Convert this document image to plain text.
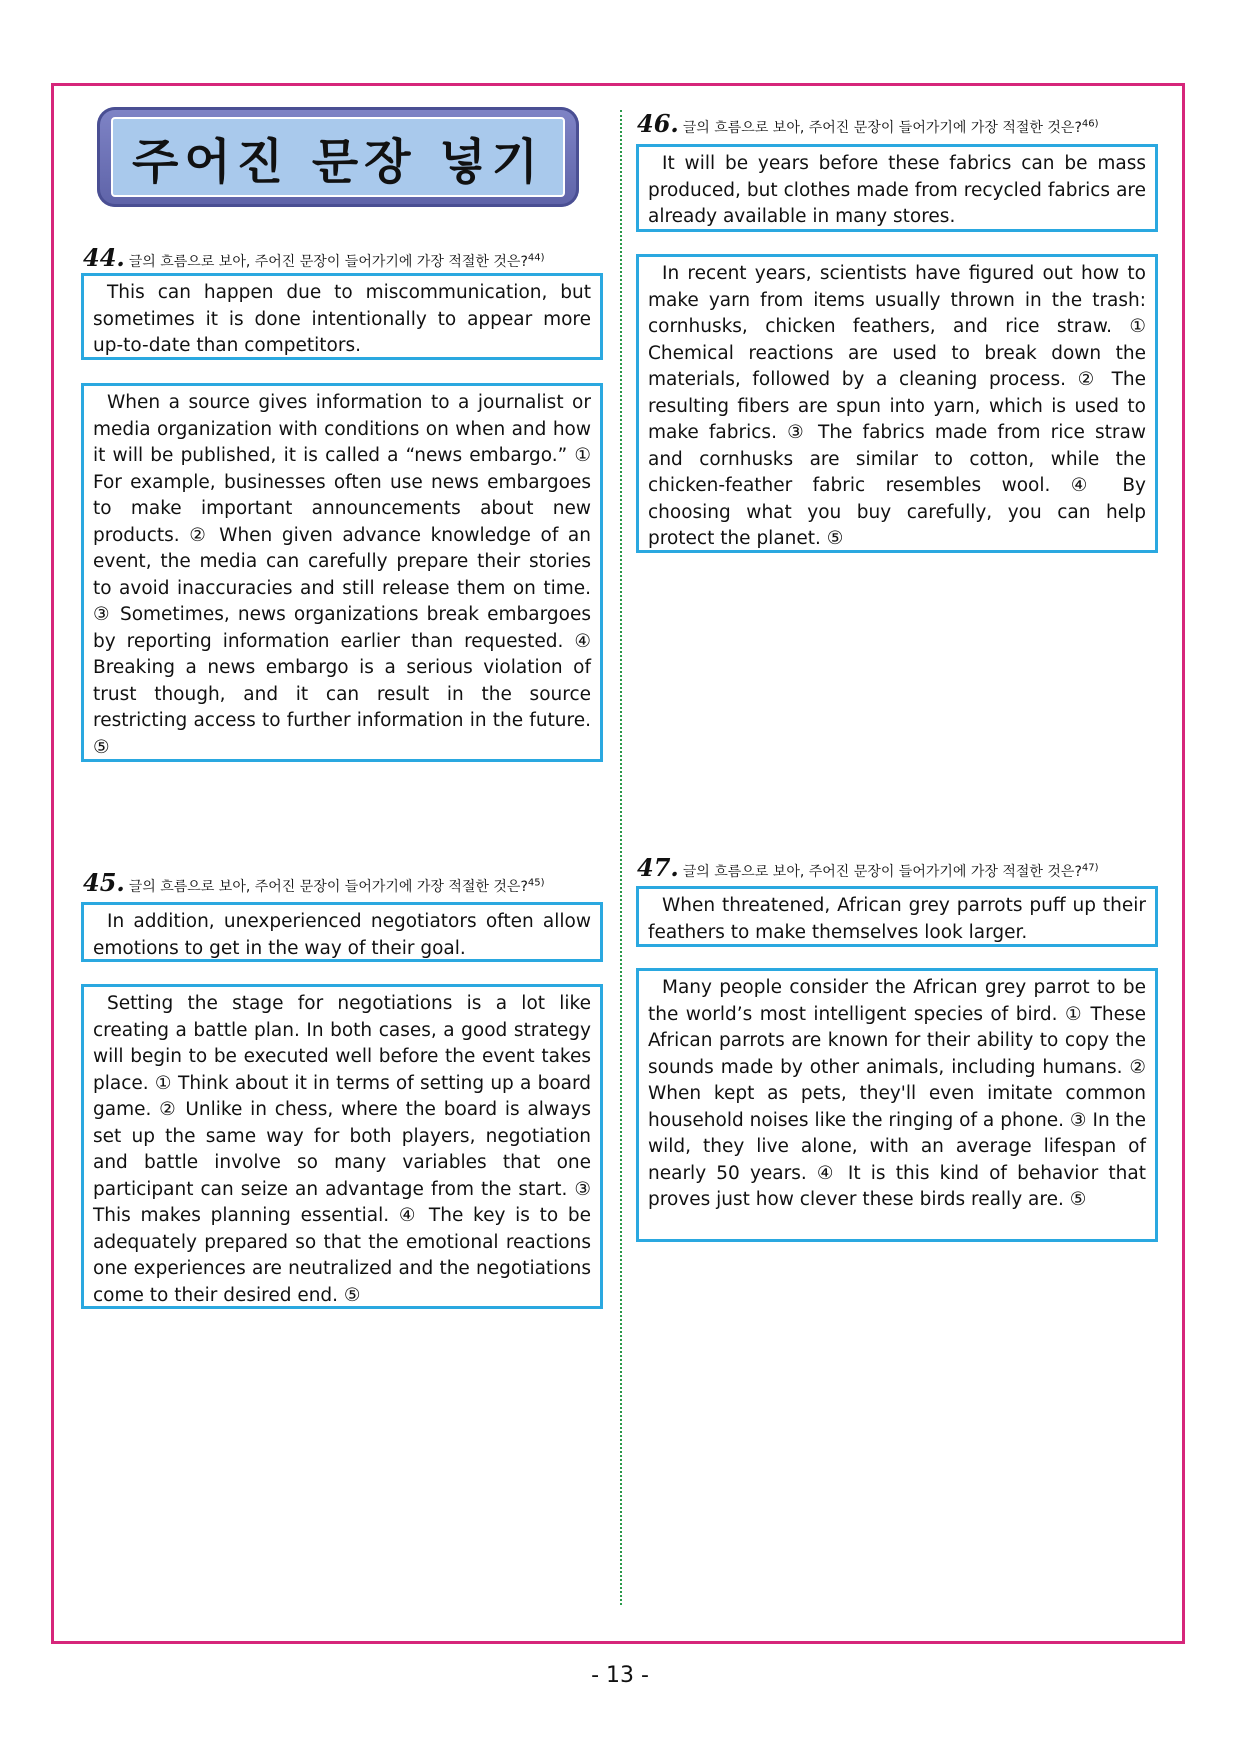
주어진 문장 넣기
44. 글의 흐름으로 보아, 주어진 문장이 들어가기에 가장 적절한 것은?$^{44)}$
This can happen due to miscommunication, but sometimes it is done intentionally to appear more up-to-date than competitors.
When a source gives information to a journalist or media organization with conditions on when and how it will be published, it is called a “news embargo.” ① For example, businesses often use news embargoes to make important announcements about new products. ② When given advance knowledge of an event, the media can carefully prepare their stories to avoid inaccuracies and still release them on time. ③ Sometimes, news organizations break embargoes by reporting information earlier than requested. ④ Breaking a news embargo is a serious violation of trust though, and it can result in the source restricting access to further information in the future. ⑤
45. 글의 흐름으로 보아, 주어진 문장이 들어가기에 가장 적절한 것은?$^{45)}$
In addition, unexperienced negotiators often allow emotions to get in the way of their goal.
Setting the stage for negotiations is a lot like creating a battle plan. In both cases, a good strategy will begin to be executed well before the event takes place. ① Think about it in terms of setting up a board game. ② Unlike in chess, where the board is always set up the same way for both players, negotiation and battle involve so many variables that one participant can seize an advantage from the start. ③ This makes planning essential. ④ The key is to be adequately prepared so that the emotional reactions one experiences are neutralized and the negotiations come to their desired end. ⑤
46. 글의 흐름으로 보아, 주어진 문장이 들어가기에 가장 적절한 것은?$^{46)}$
It will be years before these fabrics can be mass produced, but clothes made from recycled fabrics are already available in many stores.
In recent years, scientists have figured out how to make yarn from items usually thrown in the trash: cornhusks, chicken feathers, and rice straw. ① Chemical reactions are used to break down the materials, followed by a cleaning process. ② The resulting fibers are spun into yarn, which is used to make fabrics. ③ The fabrics made from rice straw and cornhusks are similar to cotton, while the chicken-feather fabric resembles wool. ④ By choosing what you buy carefully, you can help protect the planet. ⑤
47. 글의 흐름으로 보아, 주어진 문장이 들어가기에 가장 적절한 것은?$^{47)}$
When threatened, African grey parrots puff up their feathers to make themselves look larger.
Many people consider the African grey parrot to be the world’s most intelligent species of bird. ① These African parrots are known for their ability to copy the sounds made by other animals, including humans. ② When kept as pets, they'll even imitate common household noises like the ringing of a phone. ③ In the wild, they live alone, with an average lifespan of nearly 50 years. ④ It is this kind of behavior that proves just how clever these birds really are. ⑤
- 13 -
